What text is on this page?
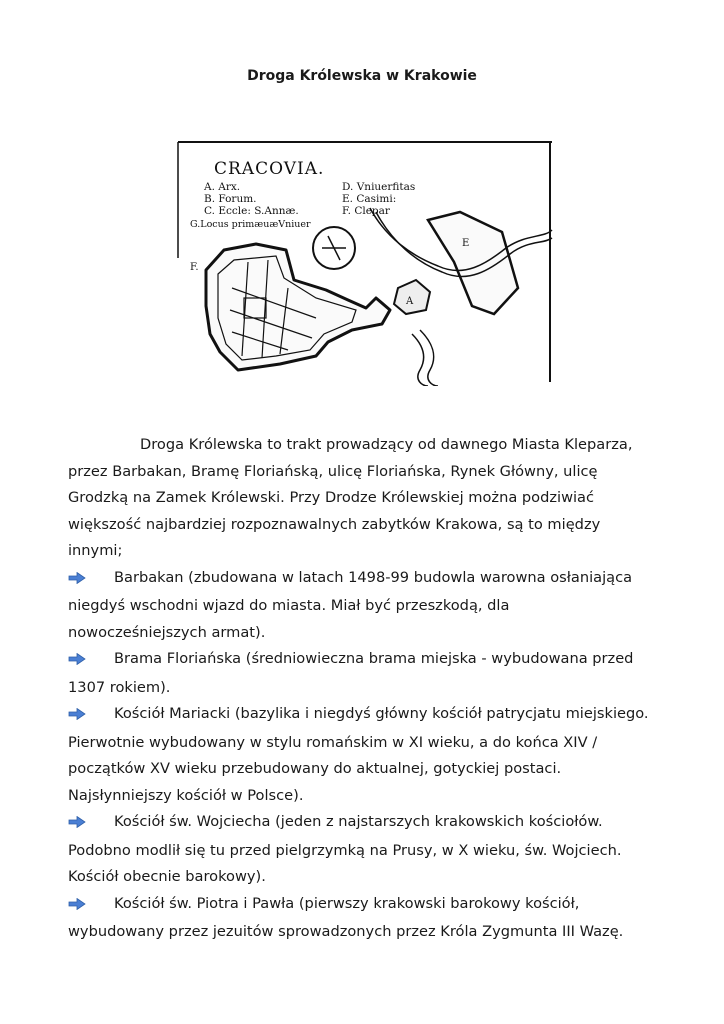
Droga Królewska w Krakowie
CRACOVIA.
A. Arx.
B. Forum.
C. Eccle: S.Annæ.
G.Locus primæuæVniuer
D. Vniuerfitas
E. Casimi:
F. Clepar
A
E
F.

Droga Królewska to trakt prowadzący od dawnego Miasta Kleparza, przez Barbakan, Bramę Floriańską, ulicę Floriańska, Rynek Główny, ulicę Grodzką na Zamek Królewski. Przy Drodze Królewskiej można podziwiać większość najbardziej rozpoznawalnych zabytków Krakowa, są to między innymi;

Barbakan (zbudowana w latach 1498-99 budowla warowna osłaniająca niegdyś wschodni wjazd do miasta. Miał być przeszkodą, dla nowocześniejszych armat).

Brama Floriańska (średniowieczna brama miejska - wybudowana przed 1307 rokiem).

Kościół Mariacki (bazylika i niegdyś główny kościół patrycjatu miejskiego. Pierwotnie wybudowany w stylu romańskim w XI wieku, a do końca XIV / początków XV wieku przebudowany do aktualnej, gotyckiej postaci. Najsłynniejszy kościół w Polsce).

Kościół św. Wojciecha (jeden z najstarszych krakowskich kościołów. Podobno modlił się tu przed pielgrzymką na Prusy, w X wieku, św. Wojciech. Kościół obecnie barokowy).

Kościół św. Piotra i Pawła (pierwszy krakowski barokowy kościół, wybudowany przez jezuitów sprowadzonych przez Króla Zygmunta III Wazę.
